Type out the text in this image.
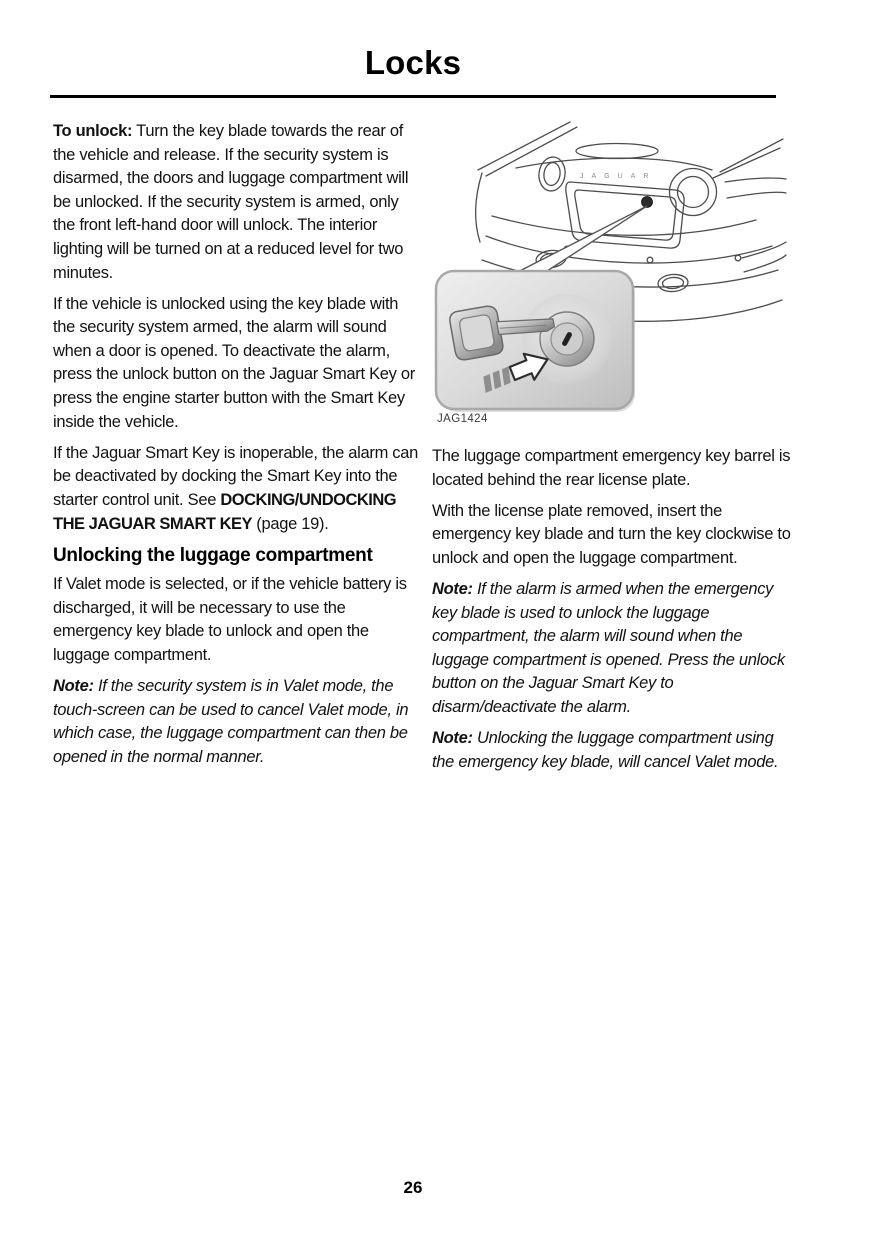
Locks

To unlock: Turn the key blade towards the rear of the vehicle and release. If the security system is disarmed, the doors and luggage compartment will be unlocked. If the security system is armed, only the front left-hand door will unlock. The interior lighting will be turned on at a reduced level for two minutes.

If the vehicle is unlocked using the key blade with the security system armed, the alarm will sound when a door is opened. To deactivate the alarm, press the unlock button on the Jaguar Smart Key or press the engine starter button with the Smart Key inside the vehicle.

If the Jaguar Smart Key is inoperable, the alarm can be deactivated by docking the Smart Key into the starter control unit. See DOCKING/UNDOCKING THE JAGUAR SMART KEY (page 19).

Unlocking the luggage compartment

If Valet mode is selected, or if the vehicle battery is discharged, it will be necessary to use the emergency key blade to unlock and open the luggage compartment.

Note: If the security system is in Valet mode, the touch-screen can be used to cancel Valet mode, in which case, the luggage compartment can then be opened in the normal manner.

JAGUAR
JAG1424

The luggage compartment emergency key barrel is located behind the rear license plate.

With the license plate removed, insert the emergency key blade and turn the key clockwise to unlock and open the luggage compartment.

Note: If the alarm is armed when the emergency key blade is used to unlock the luggage compartment, the alarm will sound when the luggage compartment is opened. Press the unlock button on the Jaguar Smart Key to disarm/deactivate the alarm.

Note: Unlocking the luggage compartment using the emergency key blade, will cancel Valet mode.

26
